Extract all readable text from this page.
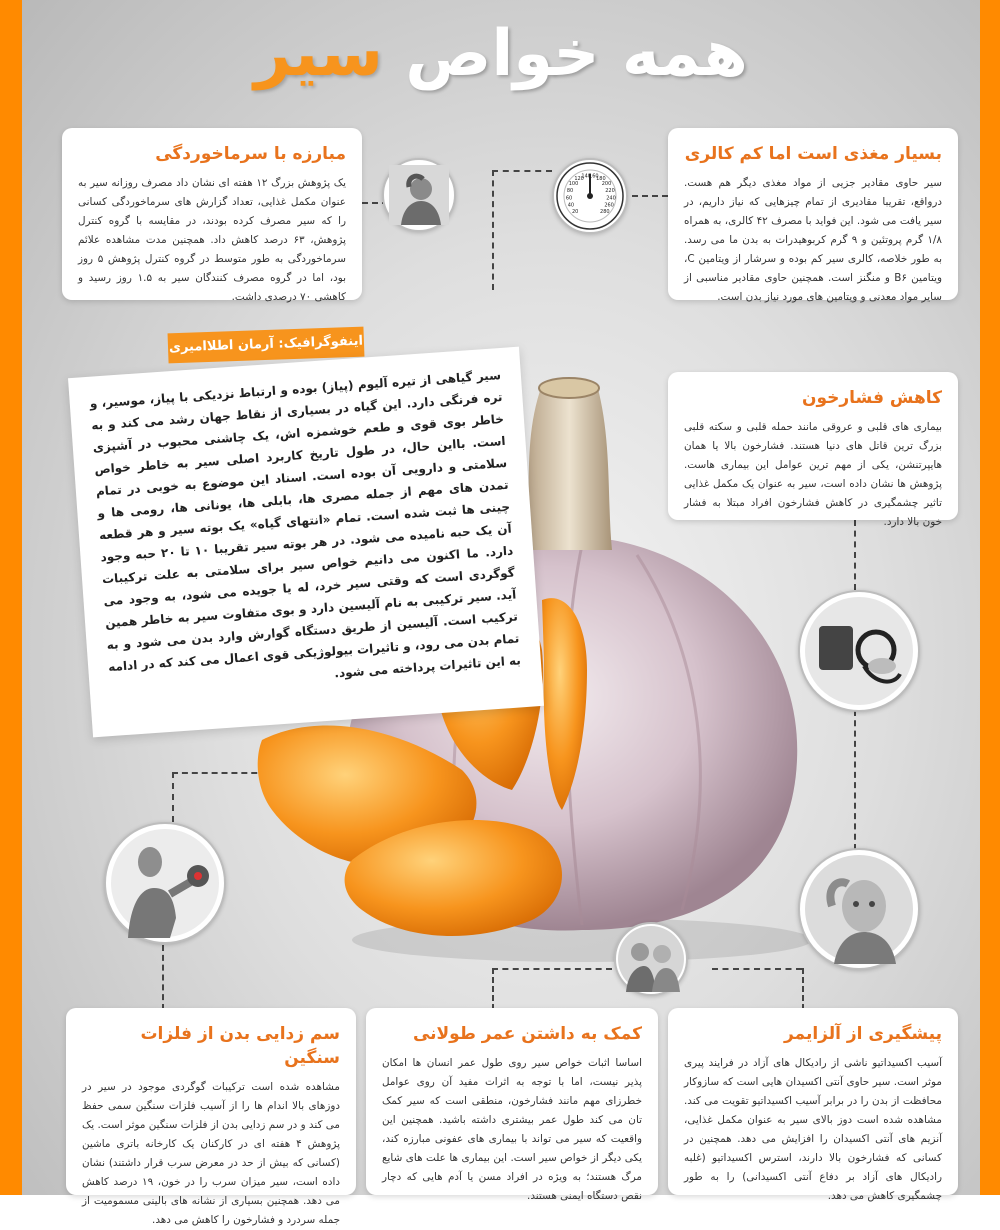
همه خواص سیر
مبارزه با سرماخوردگی

یک پژوهش بزرگ ۱۲ هفته ای نشان داد مصرف روزانه سیر به عنوان مکمل غذایی، تعداد گزارش های سرماخوردگی کسانی را که سیر مصرف کرده بودند، در مقایسه با گروه کنترل پژوهش، ۶۳ درصد کاهش داد. همچنین مدت مشاهده علائم سرماخوردگی به طور متوسط در گروه کنترل پژوهش ۵ روز بود، اما در گروه مصرف کنندگان سیر به ۱.۵ روز رسید و کاهشی ۷۰ درصدی داشت.

بسیار مغذی است اما کم کالری

سیر حاوی مقادیر جزیی از مواد مغذی دیگر هم هست. درواقع، تقریبا مقادیری از تمام چیزهایی که نیاز داریم، در سیر یافت می شود. این فواید با مصرف ۴۲ کالری، به همراه ۱/۸ گرم پروتئین و ۹ گرم کربوهیدرات به بدن ما می رسد. به طور خلاصه، کالری سیر کم بوده و سرشار از ویتامین C، ویتامین B۶ و منگنز است. همچنین حاوی مقادیر مناسبی از سایر مواد معدنی و ویتامین های مورد نیاز بدن است.

20
40
60
80
100
120
140
160
180
200
220
240
260
280
اینفوگرافیک: آرمان اطلاامیری

سیر گیاهی از تیره آلیوم (پیاز) بوده و ارتباط نزدیکی با پیاز، موسیر، و تره فرنگی دارد. این گیاه در بسیاری از نقاط جهان رشد می کند و به خاطر بوی قوی و طعم خوشمزه اش، یک چاشنی محبوب در آشپزی است. بااین حال، در طول تاریخ کاربرد اصلی سیر به خاطر خواص سلامتی و دارویی آن بوده است. اسناد این موضوع به خوبی در تمام تمدن های مهم از جمله مصری ها، بابلی ها، یونانی ها، رومی ها و چینی ها ثبت شده است. تمام «انتهای گیاه» یک بوته سیر و هر قطعه آن یک حبه نامیده می شود. در هر بوته سیر تقریبا ۱۰ تا ۲۰ حبه وجود دارد. ما اکنون می دانیم خواص سیر برای سلامتی به علت ترکیبات گوگردی است که وقتی سیر خرد، له یا جویده می شود، به وجود می آید. سیر ترکیبی به نام آلیسین دارد و بوی متفاوت سیر به خاطر همین ترکیب است. آلیسین از طریق دستگاه گوارش وارد بدن می شود و به تمام بدن می رود، و تاثیرات بیولوژیکی قوی اعمال می کند که در ادامه به این تاثیرات پرداخته می شود.

کاهش فشارخون

بیماری های قلبی و عروقی مانند حمله قلبی و سکته قلبی بزرگ ترین قاتل های دنیا هستند. فشارخون بالا یا همان هایپرتنشن، یکی از مهم ترین عوامل این بیماری هاست. پژوهش ها نشان داده است، سیر به عنوان یک مکمل غذایی تاثیر چشمگیری در کاهش فشارخون افراد مبتلا به فشار خون بالا دارد.

پیشگیری از آلزایمر

آسیب اکسیداتیو ناشی از رادیکال های آزاد در فرایند پیری موثر است. سیر حاوی آنتی اکسیدان هایی است که سازوکار محافظت از بدن را در برابر آسیب اکسیداتیو تقویت می کند. مشاهده شده است دوز بالای سیر به عنوان مکمل غذایی، آنزیم های آنتی اکسیدان را افزایش می دهد. همچنین در کسانی که فشارخون بالا دارند، استرس اکسیداتیو (غلبه رادیکال های آزاد بر دفاع آنتی اکسیدانی) را به طور چشمگیری کاهش می دهد.

کمک به داشتن عمر طولانی

اساسا اثبات خواص سیر روی طول عمر انسان ها امکان پذیر نیست، اما با توجه به اثرات مفید آن روی عوامل خطرزای مهم مانند فشارخون، منطقی است که سیر کمک تان می کند طول عمر بیشتری داشته باشید. همچنین این واقعیت که سیر می تواند با بیماری های عفونی مبارزه کند، یکی دیگر از خواص سیر است. این بیماری ها علت های شایع مرگ هستند؛ به ویژه در افراد مسن یا آدم هایی که دچار نقص دستگاه ایمنی هستند.

سم زدایی بدن از فلزات سنگین

مشاهده شده است ترکیبات گوگردی موجود در سیر در دوزهای بالا اندام ها را از آسیب فلزات سنگین سمی حفظ می کند و در سم زدایی بدن از فلزات سنگین موثر است. یک پژوهش ۴ هفته ای در کارکنان یک کارخانه باتری ماشین (کسانی که بیش از حد در معرض سرب قرار داشتند) نشان داده است، سیر میزان سرب را در خون، ۱۹ درصد کاهش می دهد. همچنین بسیاری از نشانه های بالینی مسمومیت از جمله سردرد و فشارخون را کاهش می دهد.
